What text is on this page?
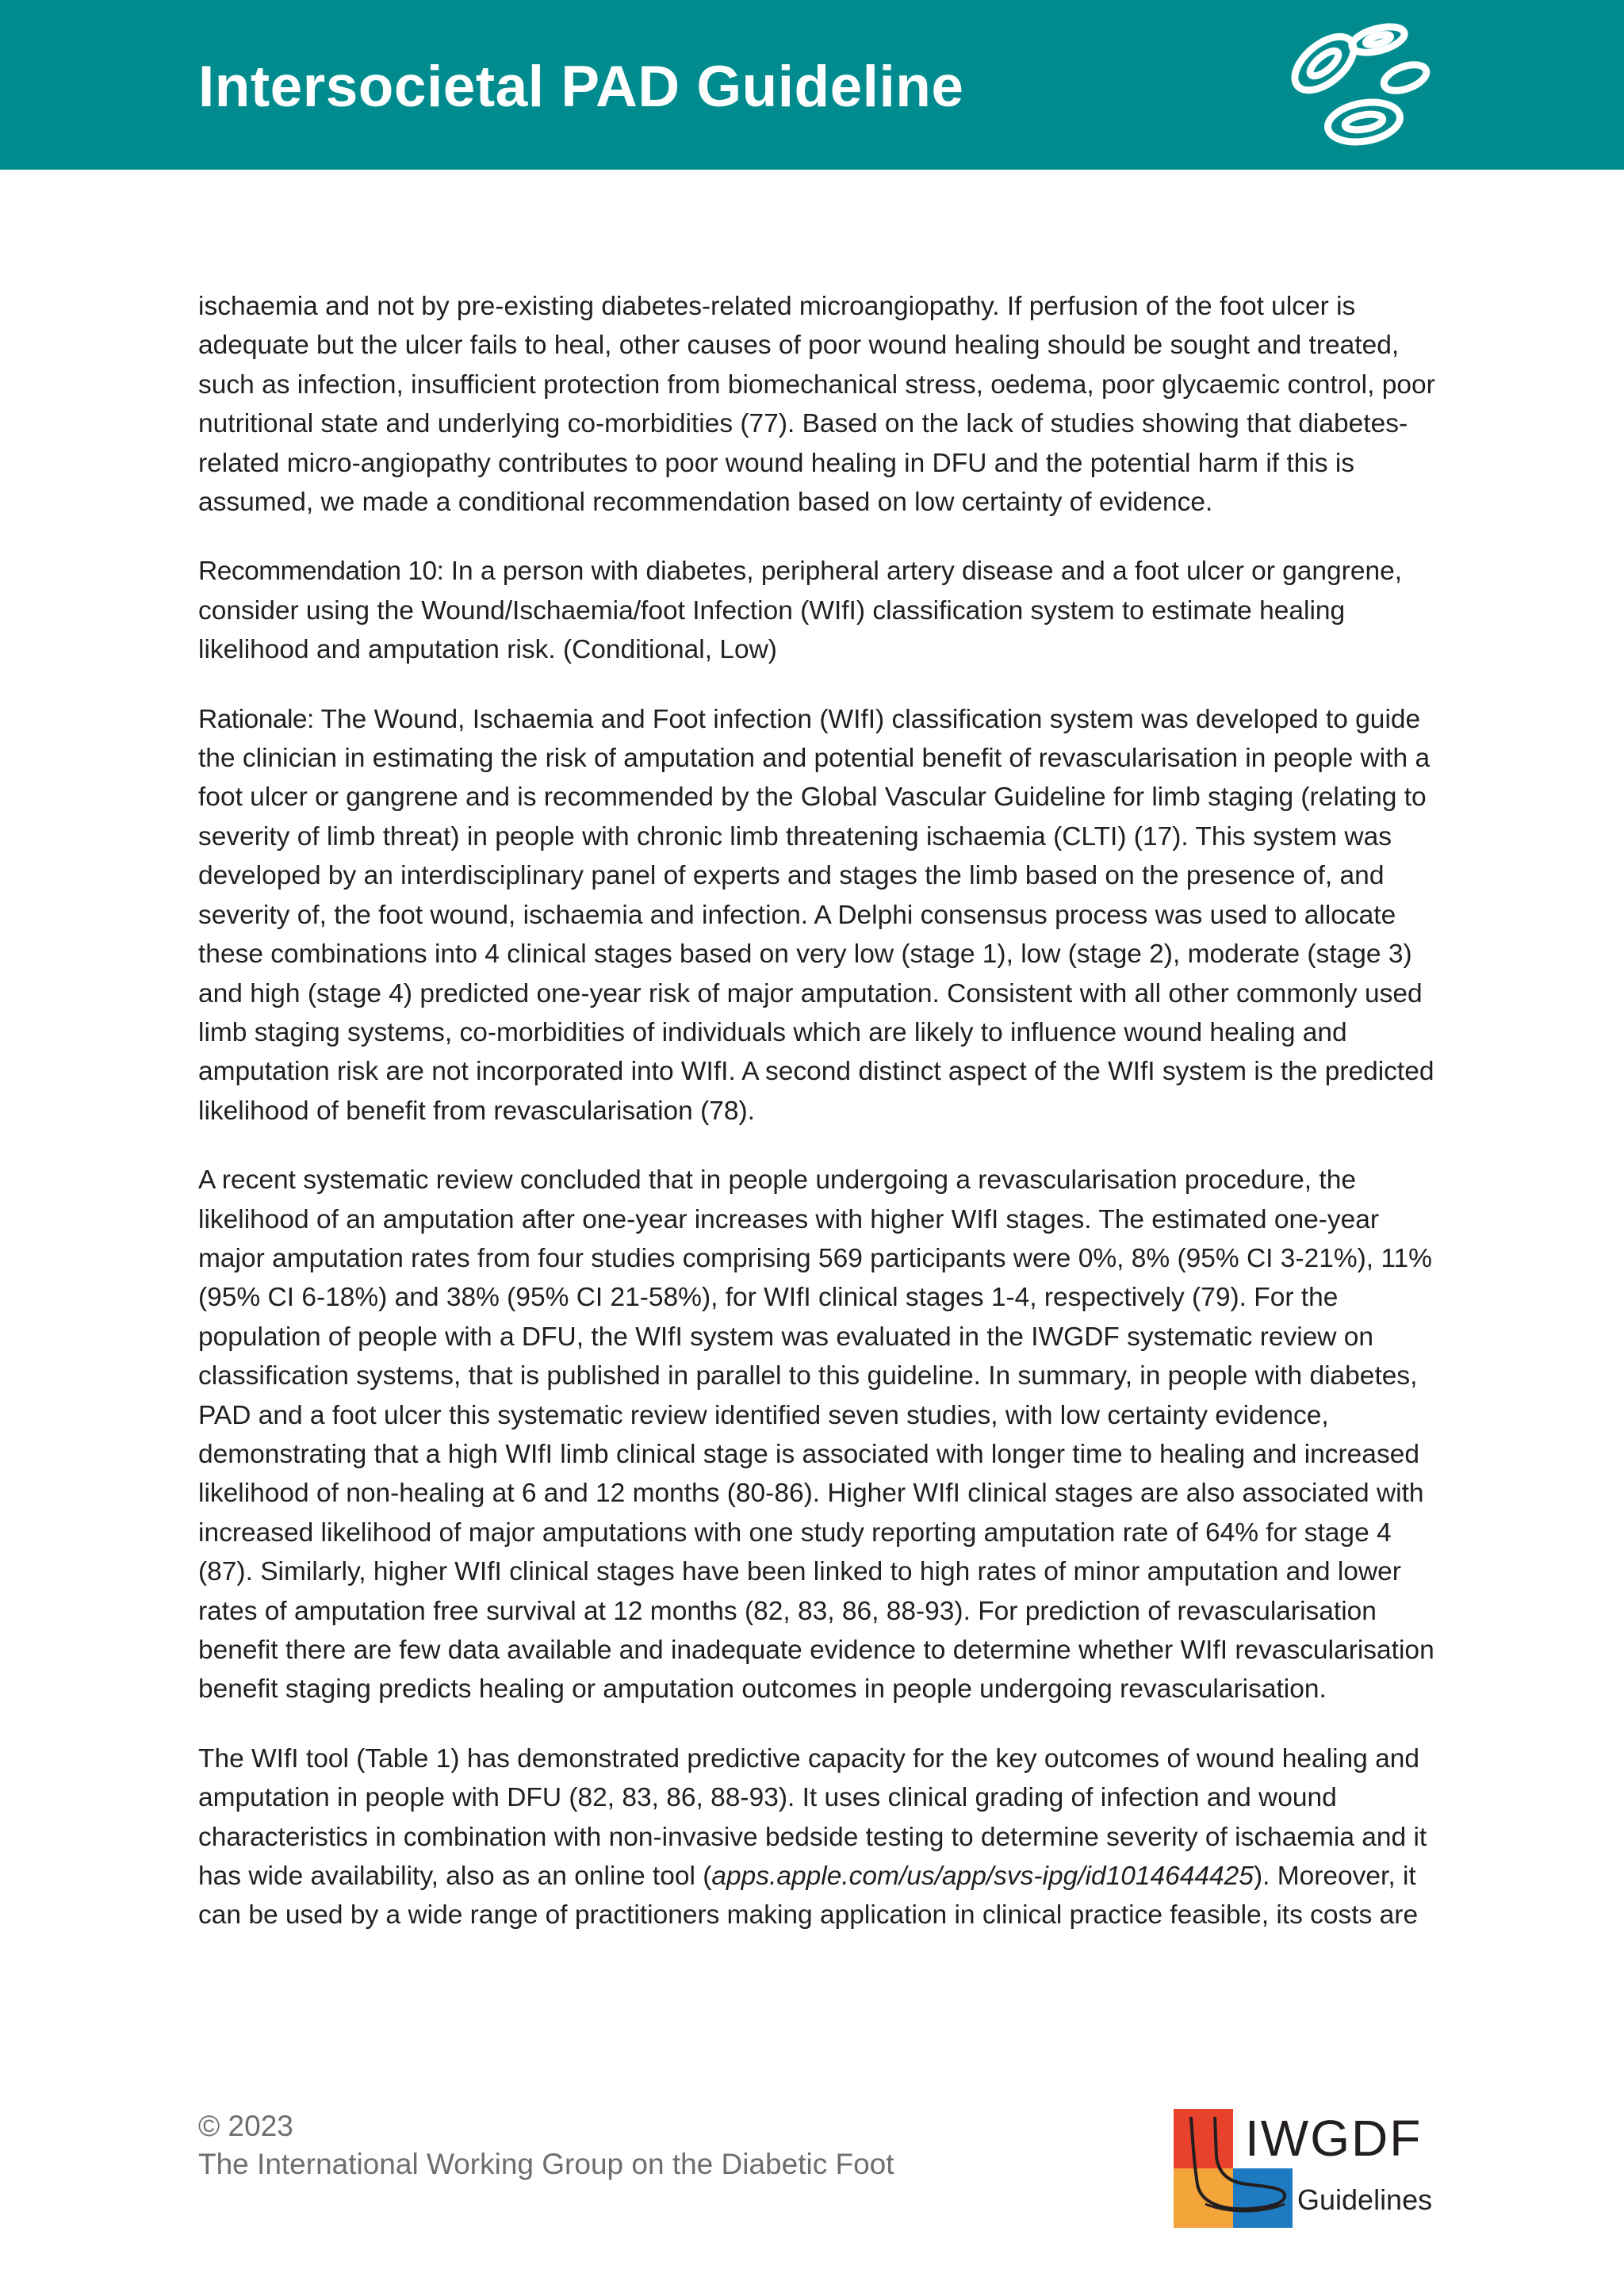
Intersocietal PAD Guideline

ischaemia and not by pre-existing diabetes-related microangiopathy. If perfusion of the foot ulcer is adequate but the ulcer fails to heal, other causes of poor wound healing should be sought and treated, such as infection, insufficient protection from biomechanical stress, oedema, poor glycaemic control, poor nutritional state and underlying co-morbidities (77). Based on the lack of studies showing that diabetes-related micro-angiopathy contributes to poor wound healing in DFU and the potential harm if this is assumed, we made a conditional recommendation based on low certainty of evidence.

Recommendation 10: In a person with diabetes, peripheral artery disease and a foot ulcer or gangrene, consider using the Wound/Ischaemia/foot Infection (WIfI) classification system to estimate healing likelihood and amputation risk. (Conditional, Low)

Rationale: The Wound, Ischaemia and Foot infection (WIfI) classification system was developed to guide the clinician in estimating the risk of amputation and potential benefit of revascularisation in people with a foot ulcer or gangrene and is recommended by the Global Vascular Guideline for limb staging (relating to severity of limb threat) in people with chronic limb threatening ischaemia (CLTI) (17). This system was developed by an interdisciplinary panel of experts and stages the limb based on the presence of, and severity of, the foot wound, ischaemia and infection. A Delphi consensus process was used to allocate these combinations into 4 clinical stages based on very low (stage 1), low (stage 2), moderate (stage 3) and high (stage 4) predicted one-year risk of major amputation. Consistent with all other commonly used limb staging systems, co-morbidities of individuals which are likely to influence wound healing and amputation risk are not incorporated into WIfI. A second distinct aspect of the WIfI system is the predicted likelihood of benefit from revascularisation (78).

A recent systematic review concluded that in people undergoing a revascularisation procedure, the likelihood of an amputation after one-year increases with higher WIfI stages. The estimated one-year major amputation rates from four studies comprising 569 participants were 0%, 8% (95% CI 3-21%), 11% (95% CI 6-18%) and 38% (95% CI 21-58%), for WIfI clinical stages 1-4, respectively (79). For the population of people with a DFU, the WIfI system was evaluated in the IWGDF systematic review on classification systems, that is published in parallel to this guideline. In summary, in people with diabetes, PAD and a foot ulcer this systematic review identified seven studies, with low certainty evidence, demonstrating that a high WIfI limb clinical stage is associated with longer time to healing and increased likelihood of non-healing at 6 and 12 months (80-86). Higher WIfI clinical stages are also associated with increased likelihood of major amputations with one study reporting amputation rate of 64% for stage 4 (87). Similarly, higher WIfI clinical stages have been linked to high rates of minor amputation and lower rates of amputation free survival at 12 months (82, 83, 86, 88-93). For prediction of revascularisation benefit there are few data available and inadequate evidence to determine whether WIfI revascularisation benefit staging predicts healing or amputation outcomes in people undergoing revascularisation.

The WIfI tool (Table 1) has demonstrated predictive capacity for the key outcomes of wound healing and amputation in people with DFU (82, 83, 86, 88-93). It uses clinical grading of infection and wound characteristics in combination with non-invasive bedside testing to determine severity of ischaemia and it has wide availability, also as an online tool (apps.apple.com/us/app/svs-ipg/id1014644425). Moreover, it can be used by a wide range of practitioners making application in clinical practice feasible, its costs are

© 2023
The International Working Group on the Diabetic Foot	IWGDF
Guidelines
